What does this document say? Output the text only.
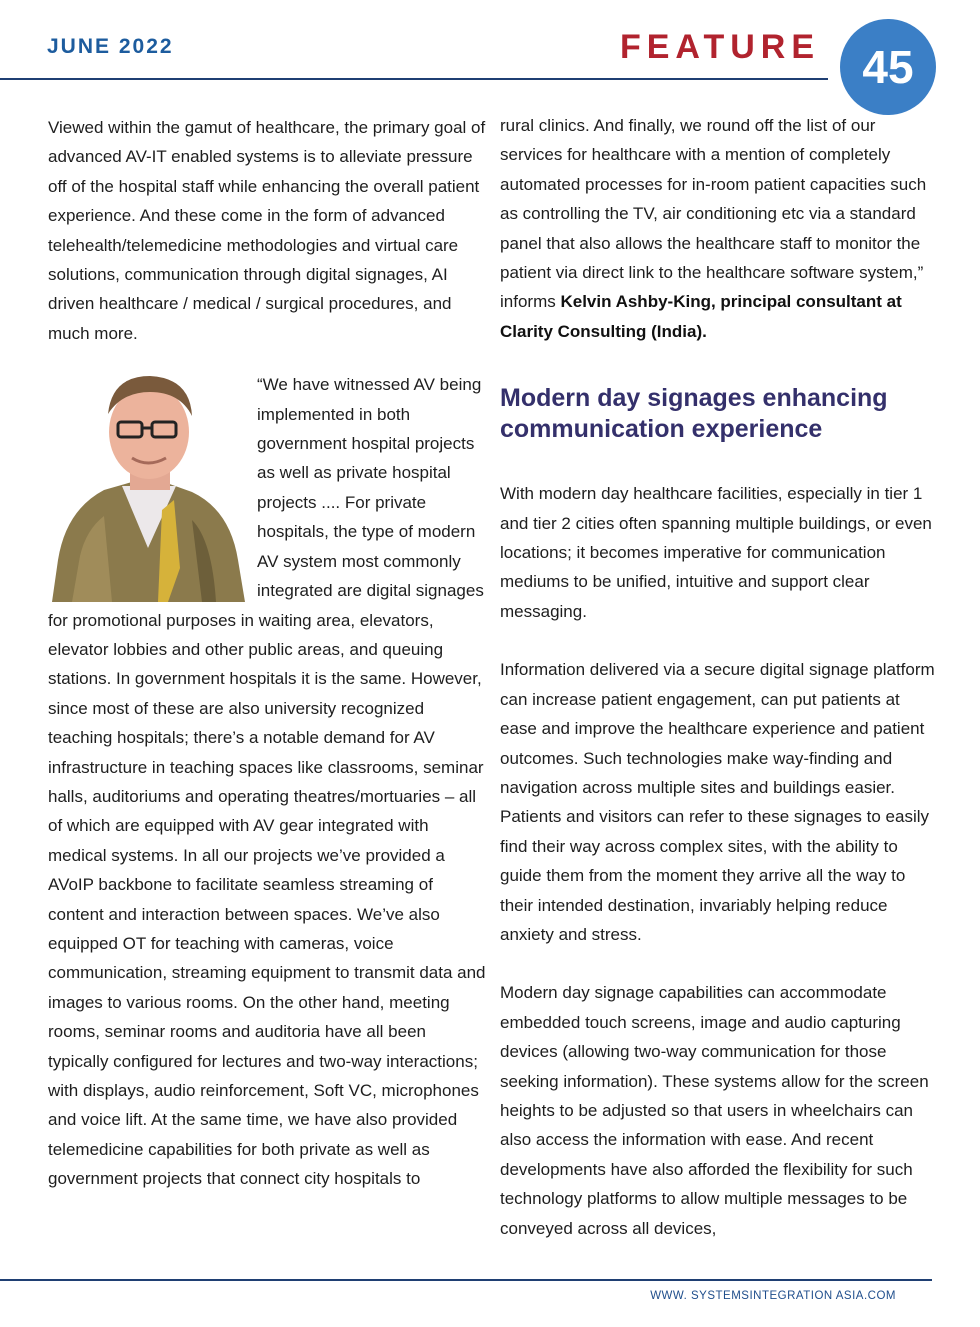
JUNE 2022	FEATURE 45

Viewed within the gamut of healthcare, the primary goal of advanced AV-IT enabled systems is to alleviate pressure off of the hospital staff while enhancing the overall patient experience. And these come in the form of advanced telehealth/telemedicine methodologies and virtual care solutions, communication through digital signages, AI driven healthcare / medical / surgical procedures, and much more.

“We have witnessed AV being implemented in both government hospital projects as well as private hospital projects .... For private hospitals, the type of modern AV system most commonly integrated are digital signages for promotional purposes in waiting area, elevators, elevator lobbies and other public areas, and queuing stations. In government hospitals it is the same. However, since most of these are also university recognized teaching hospitals; there’s a notable demand for AV infrastructure in teaching spaces like classrooms, seminar halls, auditoriums and operating theatres/mortuaries – all of which are equipped with AV gear integrated with medical systems. In all our projects we’ve provided a AVoIP backbone to facilitate seamless streaming of content and interaction between spaces. We’ve also equipped OT for teaching with cameras, voice communication, streaming equipment to transmit data and images to various rooms. On the other hand, meeting rooms, seminar rooms and auditoria have all been typically configured for lectures and two-way interactions; with displays, audio reinforcement, Soft VC, microphones and voice lift. At the same time, we have also provided telemedicine capabilities for both private as well as government projects that connect city hospitals to

rural clinics. And finally, we round off the list of our services for healthcare with a mention of completely automated processes for in-room patient capacities such as controlling the TV, air conditioning etc via a standard panel that also allows the healthcare staff to monitor the patient via direct link to the healthcare software system,” informs Kelvin Ashby-King, principal consultant at Clarity Consulting (India).

Modern day signages enhancing communication experience

With modern day healthcare facilities, especially in tier 1 and tier 2 cities often spanning multiple buildings, or even locations; it becomes imperative for communication mediums to be unified, intuitive and support clear messaging.

Information delivered via a secure digital signage platform can increase patient engagement, can put patients at ease and improve the healthcare experience and patient outcomes. Such technologies make way-finding and navigation across multiple sites and buildings easier. Patients and visitors can refer to these signages to easily find their way across complex sites, with the ability to guide them from the moment they arrive all the way to their intended destination, invariably helping reduce anxiety and stress.

Modern day signage capabilities can accommodate embedded touch screens, image and audio capturing devices (allowing two-way communication for those seeking information). These systems allow for the screen heights to be adjusted so that users in wheelchairs can also access the information with ease. And recent developments have also afforded the flexibility for such technology platforms to allow multiple messages to be conveyed across all devices,

WWW. SYSTEMSINTEGRATION ASIA.COM
